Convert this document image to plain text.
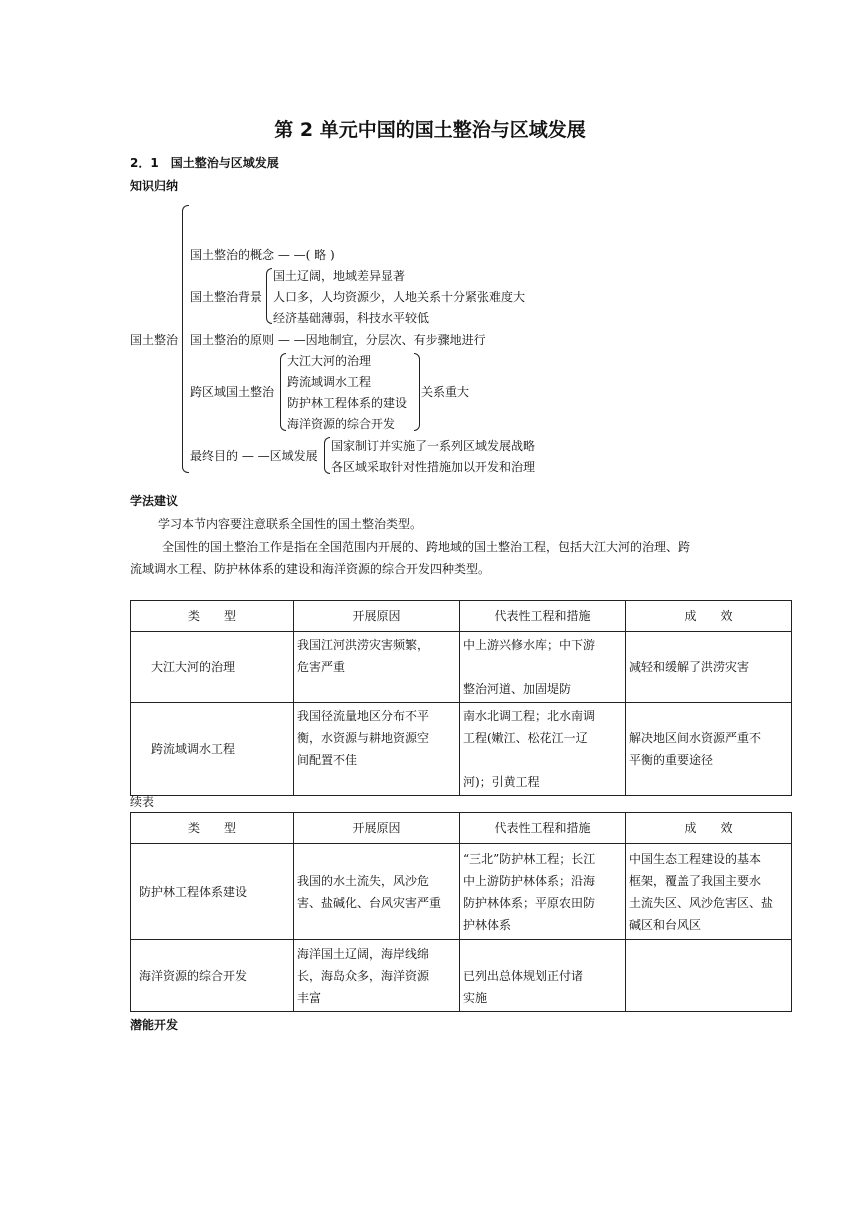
第 2 单元中国的国土整治与区域发展
2．1　国土整治与区域发展
知识归纳
国土整治
国土整治的概念 — —( 略 )
国土整治背景
国土辽阔，地域差异显著
人口多，人均资源少，人地关系十分紧张难度大
经济基础薄弱，科技水平较低
国土整治的原则 — —因地制宜，分层次、有步骤地进行
跨区域国土整治
大江大河的治理
跨流域调水工程
防护林工程体系的建设
海洋资源的综合开发
关系重大
最终目的 — —区域发展
国家制订并实施了一系列区域发展战略
各区域采取针对性措施加以开发和治理
学法建议
学习本节内容要注意联系全国性的国土整治类型。
全国性的国土整治工作是指在全国范围内开展的、跨地域的国土整治工程，包括大江大河的治理、跨
流域调水工程、防护林体系的建设和海洋资源的综合开发四种类型。
类　　型	开展原因	代表性工程和措施	成　　效
大江大河的治理	我国江河洪涝灾害频繁，
危害严重	中上游兴修水库；中下游

整治河道、加固堤防	减轻和缓解了洪涝灾害
跨流域调水工程	我国径流量地区分布不平
衡，水资源与耕地资源空
间配置不佳	南水北调工程；北水南调
工程(嫩江、松花江一辽

河)；引黄工程	解决地区间水资源严重不
平衡的重要途径
续表
类　　型	开展原因	代表性工程和措施	成　　效
防护林工程体系建设	我国的水土流失，风沙危
害、盐碱化、台风灾害严重	“三北”防护林工程；长江
中上游防护林体系；沿海
防护林体系；平原农田防
护林体系	中国生态工程建设的基本
框架，覆盖了我国主要水
土流失区、风沙危害区、盐
碱区和台风区
海洋资源的综合开发	海洋国土辽阔，海岸线绵
长，海岛众多，海洋资源
丰富	
已列出总体规划正付诸
实施	
潜能开发
